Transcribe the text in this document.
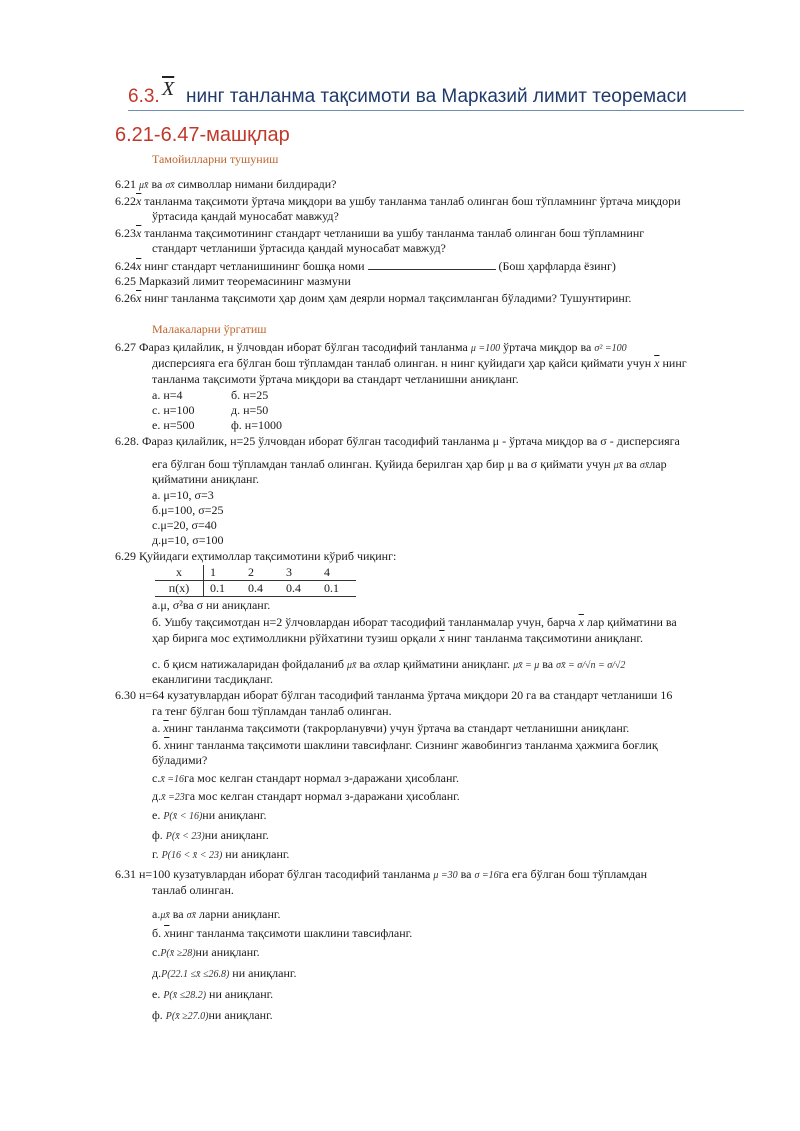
6.3. $\overline{X}$ нинг танланма тақсимоти ва Марказий лимит теоремаси
6.21-6.47-машқлар
Тамойилларни тушуниш
6.21 μx̄ ва σx̄ символлар нимани билдиради?
$6.22\overline{x}$ танланма тақсимоти ўртача миқдори ва ушбу танланма танлаб олинган бош тўпламнинг ўртача миқдори
ўртасида қандай муносабат мавжуд?
$6.23\overline{x}$ танланма тақсимотининг стандарт четланиши ва ушбу танланма танлаб олинган бош тўпламнинг
стандарт четланиши ўртасида қандай муносабат мавжуд?
$6.24\overline{x}$ нинг стандарт четланишининг бошқа номи	(Бош ҳарфларда ёзинг)
6.25 Марказий лимит теоремасининг мазмуни
$6.26\overline{x}$ нинг танланма тақсимоти ҳар доим ҳам деярли нормал тақсимланган бўладими? Тушунтиринг.
Малакаларни ўргатиш
6.27 Фараз қилайлик, н ўлчовдан иборат бўлган тасодифий танланма μ =100 ўртача миқдор ва σ² =100
дисперсияга ега бўлган бош тўпламдан танлаб олинган. н нинг қуйидаги ҳар қайси қиймати учун $\overline{x}$ нинг
танланма тақсимоти ўртача миқдори ва стандарт четланишни аниқланг.
а. н=4	б. н=25
с. н=100	д. н=50
е. н=500	ф. н=1000
6.28. Фараз қилайлик, н=25 ўлчовдан иборат бўлган тасодифий танланма μ - ўртача миқдор ва σ - дисперсияга
ега бўлган бош тўпламдан танлаб олинган. Қуйида берилган ҳар бир μ ва σ қиймати учун μx̄ ва σx̄лар
қийматини аниқланг.
а. μ=10, σ=3
б.μ=100, σ=25
с.μ=20, σ=40
д.μ=10, σ=100
6.29 Қуйидаги еҳтимоллар тақсимотини кўриб чиқинг:
x	1	2	3	4
п(x)	0.1	0.4	0.4	0.1
а.μ, σ²ва σ ни аниқланг.
б. Ушбу тақсимотдан н=2 ўлчовлардан иборат тасодифий танланмалар учун, барча $\overline{x}$ лар қийматини ва
ҳар бирига мос еҳтимолликни рўйхатини тузиш орқали $\overline{x}$ нинг танланма тақсимотини аниқланг.
с. б қисм натижаларидан фойдаланиб μx̄ ва σx̄лар қийматини аниқланг. μx̄ = μ ва σx̄ = σ/√n = σ/√2
еканлигини тасдиқланг.
6.30 н=64 кузатувлардан иборат бўлган тасодифий танланма ўртача миқдори 20 га ва стандарт четланиши 16
га тенг бўлган бош тўпламдан танлаб олинган.
а. $\overline{x}нинг$ танланма тақсимоти (такрорланувчи) учун ўртача ва стандарт четланишни аниқланг.
б. $\overline{x}нинг$ танланма тақсимоти шаклини тавсифланг. Сизнинг жавобингиз танланма ҳажмига боғлиқ
бўладими?
с.x̄ =16га мос келган стандарт нормал з-даражани ҳисобланг.
д.x̄ =23га мос келган стандарт нормал з-даражани ҳисобланг.
е. P(x̄ < 16)ни аниқланг.
ф. P(x̄ < 23)ни аниқланг.
г. P(16 < x̄ < 23) ни аниқланг.
6.31 н=100 кузатувлардан иборат бўлган тасодифий танланма μ =30 ва σ =16га ега бўлган бош тўпламдан
танлаб олинган.
а.μx̄ ва σx̄ ларни аниқланг.
б. $\overline{x}нинг$ танланма тақсимоти шаклини тавсифланг.
с.P(x̄ ≥28)ни аниқланг.
д.P(22.1 ≤x̄ ≤26.8) ни аниқланг.
е. P(x̄ ≤28.2) ни аниқланг.
ф. P(x̄ ≥27.0)ни аниқланг.
